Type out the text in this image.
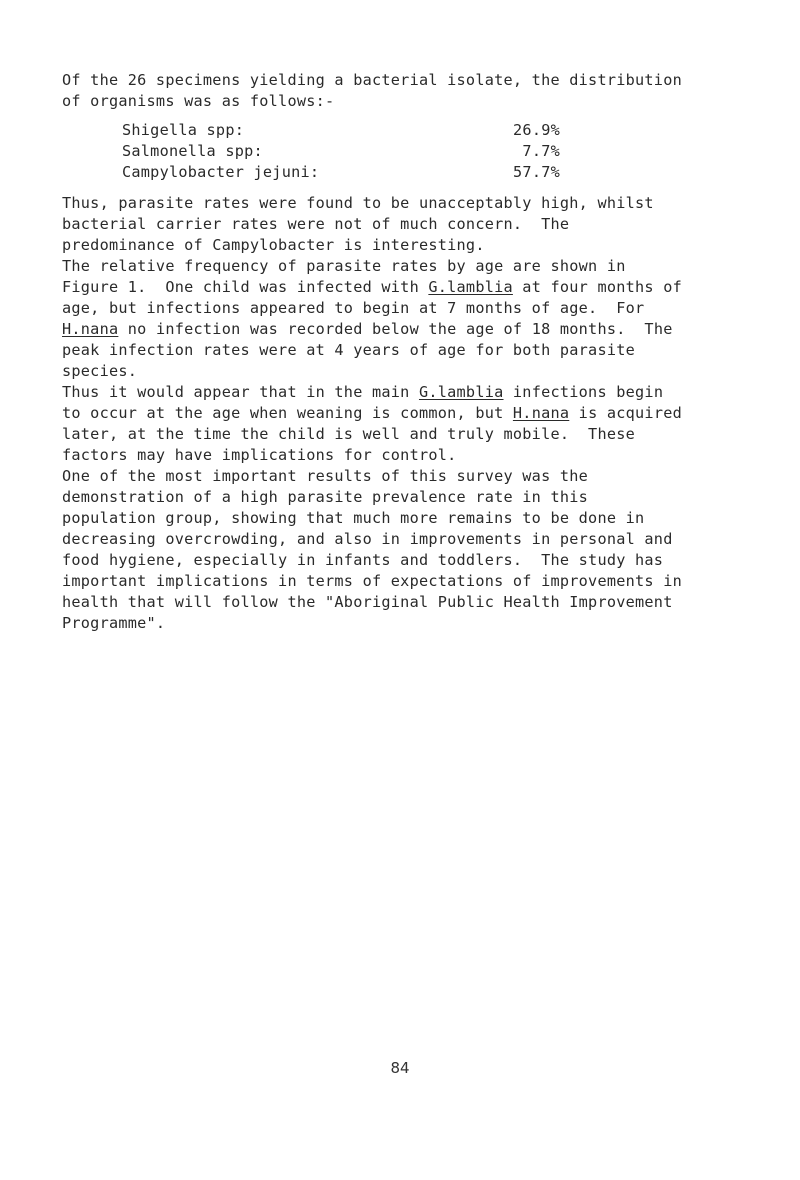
Of the 26 specimens yielding a bacterial isolate, the distribution
of organisms was as follows:-

Shigella spp:	26.9%
Salmonella spp:	7.7%
Campylobacter jejuni:	57.7%

Thus, parasite rates were found to be unacceptably high, whilst
bacterial carrier rates were not of much concern.  The
predominance of Campylobacter is interesting.

The relative frequency of parasite rates by age are shown in
Figure 1.  One child was infected with G.lamblia at four months of
age, but infections appeared to begin at 7 months of age.  For
H.nana no infection was recorded below the age of 18 months.  The
peak infection rates were at 4 years of age for both parasite
species.

Thus it would appear that in the main G.lamblia infections begin
to occur at the age when weaning is common, but H.nana is acquired
later, at the time the child is well and truly mobile.  These
factors may have implications for control.

One of the most important results of this survey was the
demonstration of a high parasite prevalence rate in this
population group, showing that much more remains to be done in
decreasing overcrowding, and also in improvements in personal and
food hygiene, especially in infants and toddlers.  The study has
important implications in terms of expectations of improvements in
health that will follow the "Aboriginal Public Health Improvement
Programme".

84
